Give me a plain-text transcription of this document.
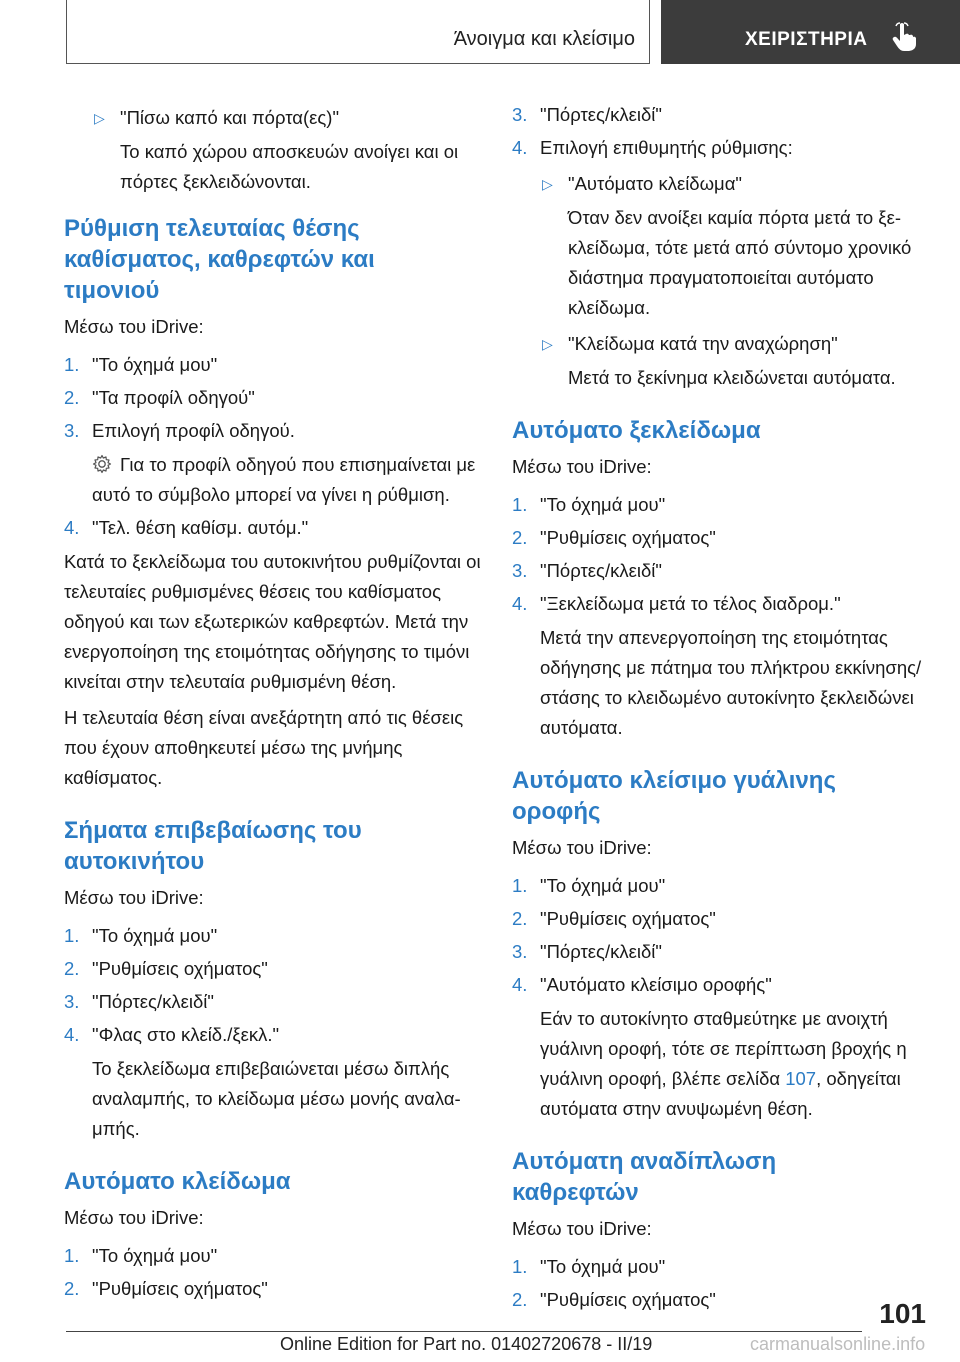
Άνοιγμα και κλείσιμο	ΧΕΙΡΙΣΤΗΡΙΑ
▷ "Πίσω καπό και πόρτα(ες)"
Το καπό χώρου αποσκευών ανοίγει και οι πόρτες ξεκλειδώνονται.
Ρύθμιση τελευταίας θέσης
καθίσματος, καθρεφτών και
τιμονιού

Μέσω του iDrive:

1. "Το όχημά μου"
2. "Τα προφίλ οδηγού"
3. Επιλογή προφίλ οδηγού.
Για το προφίλ οδηγού που επισημαίνεται με αυτό το σύμβολο μπορεί να γίνει η ρύθμιση.
4. "Τελ. θέση καθίσμ. αυτόμ."

Κατά το ξεκλείδωμα του αυτοκινήτου ρυθμίζονται οι τελευταίες ρυθμισμένες θέσεις του καθίσματος οδηγού και των εξωτερικών καθρεφτών. Μετά την ενεργοποίηση της ετοιμότητας οδήγησης το τιμόνι κινείται στην τελευταία ρυθμισμένη θέση.

Η τελευταία θέση είναι ανεξάρτητη από τις θέσεις που έχουν αποθηκευτεί μέσω της μνήμης καθίσματος.

Σήματα επιβεβαίωσης του
αυτοκινήτου

Μέσω του iDrive:

1. "Το όχημά μου"
2. "Ρυθμίσεις οχήματος"
3. "Πόρτες/κλειδί"
4. "Φλας στο κλείδ./ξεκλ."
Το ξεκλείδωμα επιβεβαιώνεται μέσω διπλής αναλαμπής, το κλείδωμα μέσω μονής αναλαμπής.
Αυτόματο κλείδωμα

Μέσω του iDrive:

1. "Το όχημά μου"
2. "Ρυθμίσεις οχήματος"
3. "Πόρτες/κλειδί"
4. Επιλογή επιθυμητής ρύθμισης:
▷ "Αυτόματο κλείδωμα"
Όταν δεν ανοίξει καμία πόρτα μετά το ξεκλείδωμα, τότε μετά από σύντομο χρονικό διάστημα πραγματοποιείται αυτόματο κλείδωμα.
▷ "Κλείδωμα κατά την αναχώρηση"
Μετά το ξεκίνημα κλειδώνεται αυτόματα.
Αυτόματο ξεκλείδωμα

Μέσω του iDrive:

1. "Το όχημά μου"
2. "Ρυθμίσεις οχήματος"
3. "Πόρτες/κλειδί"
4. "Ξεκλείδωμα μετά το τέλος διαδρομ."
Μετά την απενεργοποίηση της ετοιμότητας οδήγησης με πάτημα του πλήκτρου εκκίνησης/στάσης το κλειδωμένο αυτοκίνητο ξεκλειδώνει αυτόματα.
Αυτόματο κλείσιμο γυάλινης
οροφής

Μέσω του iDrive:

1. "Το όχημά μου"
2. "Ρυθμίσεις οχήματος"
3. "Πόρτες/κλειδί"
4. "Αυτόματο κλείσιμο οροφής"
Εάν το αυτοκίνητο σταθμεύτηκε με ανοιχτή γυάλινη οροφή, τότε σε περίπτωση βροχής η γυάλινη οροφή, βλέπε σελίδα 107, οδηγείται αυτόματα στην ανυψωμένη θέση.
Αυτόματη αναδίπλωση
καθρεφτών

Μέσω του iDrive:

1. "Το όχημά μου"
2. "Ρυθμίσεις οχήματος"	101
Online Edition for Part no. 01402720678 - II/19	carmanualsonline.info
